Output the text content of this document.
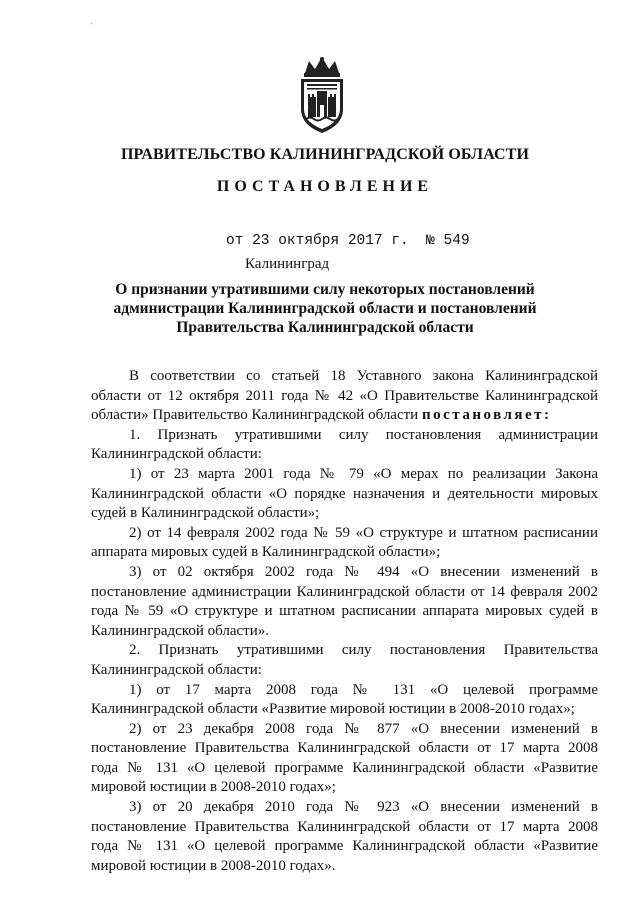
'
ПРАВИТЕЛЬСТВО КАЛИНИНГРАДСКОЙ ОБЛАСТИ
ПОСТАНОВЛЕНИЕ
от 23 октября 2017 г. № 549
Калининград
О признании утратившими силу некоторых постановлений
администрации Калининградской области и постановлений
Правительства Калининградской области
В соответствии со статьей 18 Уставного закона Калининградской
области от 12 октября 2011 года № 42 «О Правительстве Калининградской
области» Правительство Калининградской области постановляет:
1. Признать утратившими силу постановления администрации
Калининградской области:
1) от 23 марта 2001 года № 79 «О мерах по реализации Закона
Калининградской области «О порядке назначения и деятельности мировых
судей в Калининградской области»;
2) от 14 февраля 2002 года № 59 «О структуре и штатном расписании
аппарата мировых судей в Калининградской области»;
3) от 02 октября 2002 года № 494 «О внесении изменений в
постановление администрации Калининградской области от 14 февраля 2002
года № 59 «О структуре и штатном расписании аппарата мировых судей в
Калининградской области».
2. Признать утратившими силу постановления Правительства
Калининградской области:
1) от 17 марта 2008 года № 131 «О целевой программе
Калининградской области «Развитие мировой юстиции в 2008-2010 годах»;
2) от 23 декабря 2008 года № 877 «О внесении изменений в
постановление Правительства Калининградской области от 17 марта 2008
года № 131 «О целевой программе Калининградской области «Развитие
мировой юстиции в 2008-2010 годах»;
3) от 20 декабря 2010 года № 923 «О внесении изменений в
постановление Правительства Калининградской области от 17 марта 2008
года № 131 «О целевой программе Калининградской области «Развитие
мировой юстиции в 2008-2010 годах».
